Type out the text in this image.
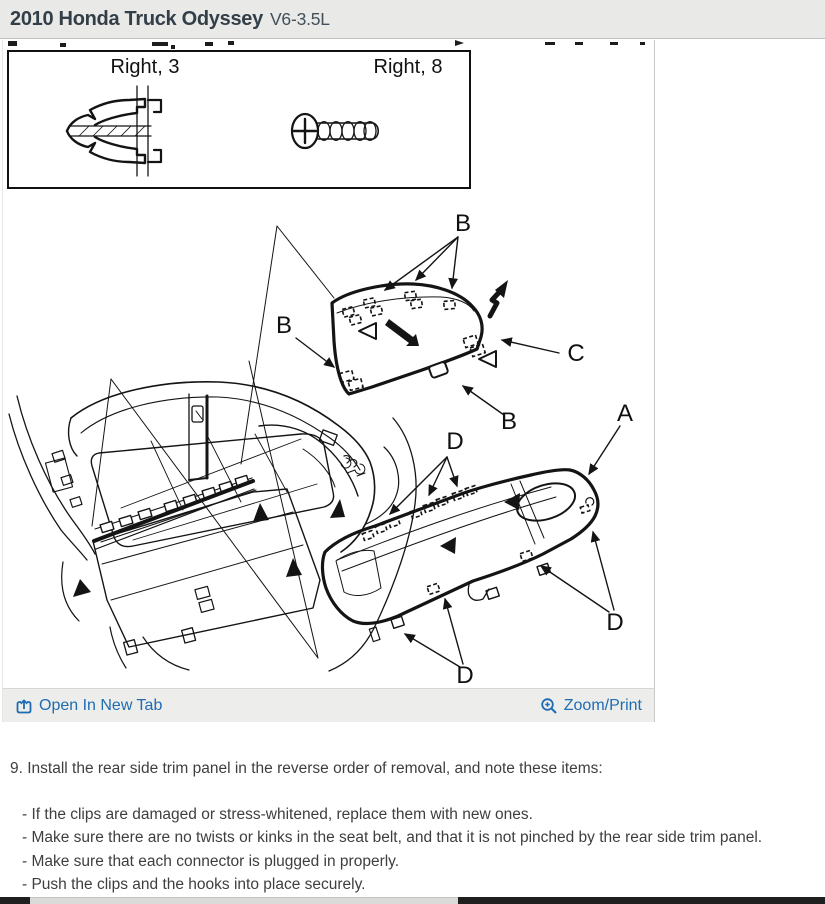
2010 Honda Truck Odyssey V6-3.5L
Right, 3	Right, 8
B
B
B
C
A
D
D
D
Open In New Tab	Zoom/Print
9. Install the rear side trim panel in the reverse order of removal, and note these items:
- If the clips are damaged or stress-whitened, replace them with new ones.
- Make sure there are no twists or kinks in the seat belt, and that it is not pinched by the rear side trim panel.
- Make sure that each connector is plugged in properly.
- Push the clips and the hooks into place securely.
